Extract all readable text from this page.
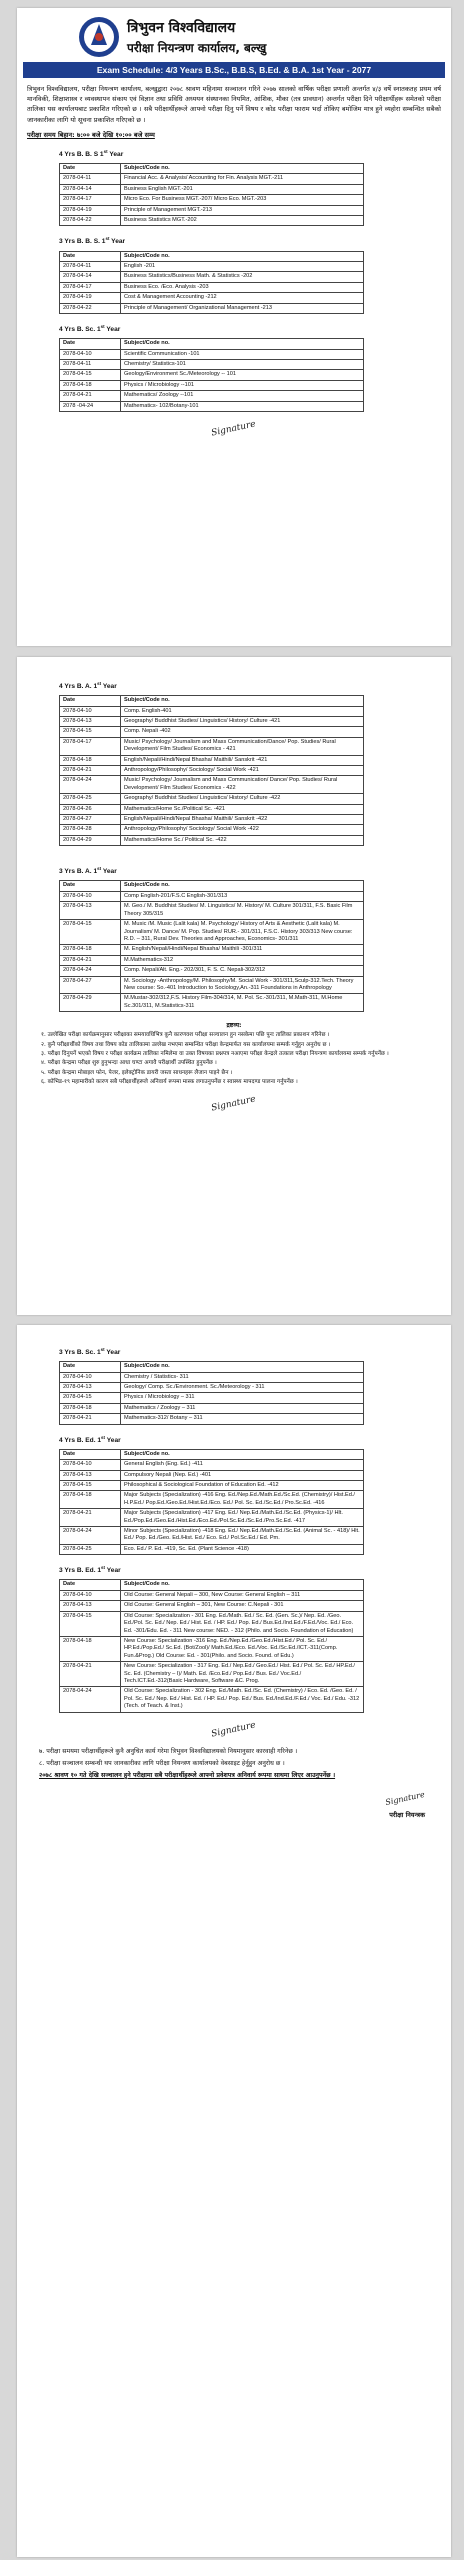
त्रिभुवन विश्वविद्यालय
परीक्षा नियन्त्रण कार्यालय, बल्खु
Exam Schedule: 4/3 Years B.Sc., B.B.S, B.Ed. & B.A. 1st Year - 2077
त्रिभुवन विश्वविद्यालय, परीक्षा नियन्त्रण कार्यालय, बल्खुद्वारा २०७८ श्रावण महिनामा सञ्चालन गरिने २०७७ सालको वार्षिक परीक्षा प्रणाली अन्तर्गत ४/३ वर्षे स्नातकतह प्रथम वर्ष मानविकी, शिक्षाशास्त्र र व्यवस्थापन संकाय एवं विज्ञान तथा प्रविधि अध्ययन संस्थानका नियमित, आंशिक, मौका (तत्र प्रावधान) अन्तर्गत परीक्षा दिने परीक्षार्थीहरू समेतको परीक्षा तालिका यस कार्यालयबाट प्रकाशित गरिएको छ । सबै परीक्षार्थीहरूले आफ्नो परीक्षा दिनु पर्ने विषय र कोड परीक्षा फाराम भर्दा तोकिए बमोजिम मात्र हुने व्यहोरा सम्बन्धित सबैको जानकारीका लागि यो सूचना प्रकाशित गरिएको छ ।
परीक्षा समय बिहान: ७:०० बजे देखि १०:०० बजे सम्म
4 Yrs B. B. S 1st Year
Date	Subject/Code no.
2078-04-11	Financial Acc. & Analysis/ Accounting for Fin. Analysis MGT.-211
2078-04-14	Business English MGT.-201
2078-04-17	Micro Eco. For Business MGT.-207/ Micro Eco. MGT.-203
2078-04-19	Principle of Management MGT.-213
2078-04-22	Business Statistics MGT.-202
3 Yrs B. B. S. 1st Year
Date	Subject/Code no.
2078-04-11	English -201
2078-04-14	Business Statistics/Business Math. & Statistics -202
2078-04-17	Business Eco. /Eco. Analysis -203
2078-04-19	Cost & Management Accounting -212
2078-04-22	Principle of Management/ Organizational Management -213
4 Yrs B. Sc. 1st Year
Date	Subject/Code no.
2078-04-10	Scientific Communication -101
2078-04-11	Chemistry/ Statistics-101
2078-04-15	Geology/Environment Sc./Meteorology -- 101
2078-04-18	Physics / Microbiology --101
2078-04-21	Mathematics/ Zoology --101
2078 -04-24	Mathematics- 102/Botany-101
Signature
4 Yrs B. A. 1st Year
Date	Subject/Code no.
2078-04-10	Comp. English-401
2078-04-13	Geography/ Buddhist Studies/ Linguistics/ History/ Culture -421
2078-04-15	Comp. Nepali -402
2078-04-17	Music/ Psychology/ Journalism and Mass Communication/Dance/ Pop. Studies/ Rural Development/ Film Studies/ Economics - 421
2078-04-18	English/Nepali/Hindi/Nepal Bhasha/ Maithili/ Sanskrit -421
2078-04-21	Anthropology/Philosophy/ Sociology/ Social Work -421
2078-04-24	Music/ Psychology/ Journalism and Mass Communication/ Dance/ Pop. Studies/ Rural Development/ Film Studies/ Economics - 422
2078-04-25	Geography/ Buddhist Studies/ Linguistics/ History/ Culture -422
2078-04-26	Mathematics/Home Sc./Political Sc. -421
2078-04-27	English/Nepali/Hindi/Nepal Bhasha/ Maithili/ Sanskrit -422
2078-04-28	Anthropology/Philosophy/ Sociology/ Social Work -422
2078-04-29	Mathematics/Home Sc./ Political Sc. -422
3 Yrs B. A. 1st Year
Date	Subject/Code no.
2078-04-10	Comp English-201/F.S.C English-301/313
2078-04-13	M. Geo./ M. Buddhist Studies/ M. Linguistics/ M. History/ M. Culture 301/311, F.S. Basic Film Theory 305/315
2078-04-15	M. Music /M. Music (Lalit kala) M. Psychology/ History of Arts & Aesthetic (Lalit kala) M. Journalism/ M. Dance/ M. Pop. Studies/ RUR.- 301/311, F.S.C. History 303/313 New course: R.D. – 311, Rural Dev. Theories and Approaches, Economics- 301/311
2078-04-18	M. English/Nepali/Hindi/Nepal Bhasha/ Maithili -301/311
2078-04-21	M.Mathematics-312
2078-04-24	Comp. Nepali/Alt. Eng.- 202/301, F. S. C. Nepali-302/312
2078-04-27	M. Sociology -Anthropology/M. Philosophy/M. Social Work - 301/311,Sculp-312.Tech. Theory New course: So.-401 Introduction to Sociology,An.-311 Foundations in Anthropology
2078-04-29	M.Mustar-302/312,F.S. History Film-304/314, M. Pol. Sc.-301/311, M.Math-311, M.Home Sc.301/311, M.Statistics-311
द्रष्टव्य:

१. उल्लेखित परीक्षा कार्यक्रमानुसार परीक्षाका समयावधिभित्र कुनै कारणवश परीक्षा सञ्चालन हुन नसकेमा पछि पुनः तालिका प्रकाशन गरिनेछ ।

२. कुनै परीक्षार्थीको विषय तथा विषय कोड तालिकामा उल्लेख नभएमा सम्बन्धित परीक्षा केन्द्रमार्फत यस कार्यालयमा सम्पर्क गर्नुहुन अनुरोध छ ।

३. परीक्षा दिनुपर्ने भएको विषय र परीक्षा कार्यक्रम तालिका नमिलेमा वा उक्त विषयका प्रश्नपत्र नआएमा परीक्षा केन्द्रले तत्काल परीक्षा नियन्त्रण कार्यालयमा सम्पर्क गर्नुपर्नेछ ।

४. परीक्षा केन्द्रमा परीक्षा शुरु हुनुभन्दा आधा घण्टा अगावै परीक्षार्थी उपस्थित हुनुपर्नेछ ।

५. परीक्षा केन्द्रमा मोबाइल फोन, पेजर, इलेक्ट्रोनिक डायरी जस्ता साधनहरू लैजान पाइने छैन ।

६. कोभिड-१९ महामारीको कारण सबै परीक्षार्थीहरूले अनिवार्य रूपमा मास्क लगाउनुपर्नेछ र स्वास्थ्य मापदण्ड पालना गर्नुपर्नेछ ।

Signature
3 Yrs B. Sc. 1st Year
Date	Subject/Code no.
2078-04-10	Chemistry / Statistics- 311
2078-04-13	Geology/ Comp. Sc./Environment. Sc./Meteorology - 311
2078-04-15	Physics / Microbiology – 311
2078-04-18	Mathematics / Zoology – 311
2078-04-21	Mathematics-312/ Botany – 311
4 Yrs B. Ed. 1st Year
Date	Subject/Code no.
2078-04-10	General English (Eng. Ed.) -411
2078-04-13	Compulsory Nepali (Nep. Ed.) -401
2078-04-15	Philosophical & Sociological Foundation of Education Ed. -412
2078-04-18	Major Subjects (Specialization) -416 Eng. Ed./Nep.Ed./Math.Ed./Sc.Ed. (Chemistry)/ Hist.Ed./ H.P.Ed./ Pop.Ed./Geo.Ed./Hist.Ed./Eco. Ed./ Pol. Sc. Ed./Sc.Ed./ Pro.Sc.Ed. -416
2078-04-21	Major Subjects (Specialization) -417 Eng. Ed./ Nep.Ed./Math.Ed./Sc.Ed. (Physics-1)/ Hlt. Ed./Pop.Ed./Geo.Ed./Hist.Ed./Eco.Ed./Pol.Sc.Ed./Sc.Ed./Pro.Sc.Ed. -417
2078-04-24	Minor Subjects (Specialization) -418 Eng. Ed./ Nep.Ed./Math.Ed./Sc.Ed. (Animal Sc. - 418)/ Hlt. Ed./ Pop. Ed./Geo. Ed./Hist. Ed./ Eco. Ed./ Pol.Sc.Ed./ Ed. Pm.
2078-04-25	Eco. Ed./ P. Ed. -419, Sc. Ed. (Plant Science -418)
3 Yrs B. Ed. 1st Year
Date	Subject/Code no.
2078-04-10	Old Course: General Nepali – 300, New Course: General English – 311
2078-04-13	Old Course: General English – 301, New Course: C.Nepali - 301
2078-04-15	Old Course: Specialization - 301 Eng. Ed./Math. Ed./ Sc. Ed. (Gen. Sc.)/ Nep. Ed. /Geo. Ed./Pol. Sc. Ed./ Nep. Ed./ Hist. Ed. / HP. Ed./ Pop. Ed./ Bus.Ed./Ind.Ed./F.Ed./Voc. Ed./ Eco. Ed. -301/Edu. Ed. - 311 New course: NED. - 312 (Philo. and Socio. Foundation of Education)
2078-04-18	New Course: Specialization -316 Eng. Ed./Nep.Ed./Geo.Ed./Hist.Ed./ Pol. Sc. Ed./ HP.Ed./Pop.Ed./ Sc.Ed. (Bot/Zool)/ Math.Ed./Eco. Ed./Voc. Ed./Sc.Ed./ICT.-311(Comp. Fun.&Prog.) Old Course: Ed. - 301(Philo. and Socio. Found. of Edu.)
2078-04-21	New Course: Specialization - 317 Eng. Ed./ Nep.Ed./ Geo.Ed./ Hist. Ed./ Pol. Sc. Ed./ HP.Ed./ Sc. Ed. (Chemistry – I)/ Math. Ed. /Eco.Ed./ Pop.Ed./ Bus. Ed./ Voc.Ed./ Tech.ICT.Ed.-312(Basic Hardware, Software &C. Prog.
2078-04-24	Old Course: Specialization - 302 Eng. Ed./Math. Ed./Sc. Ed. (Chemistry) / Eco. Ed. /Geo. Ed. / Pol. Sc. Ed./ Nep. Ed./ Hist. Ed. / HP. Ed./ Pop. Ed./ Bus. Ed./Ind.Ed./F.Ed./ Voc. Ed./ Edu. -312 (Tech. of Teach. & Inst.)
Signature

७. परीक्षा समयमा परीक्षार्थीहरूले कुनै अनुचित कार्य गरेमा त्रिभुवन विश्वविद्यालयको नियमानुसार कारवाही गरिनेछ ।

८. परीक्षा सञ्चालन सम्बन्धी थप जानकारीका लागि परीक्षा नियन्त्रण कार्यालयको वेबसाइट हेर्नुहुन अनुरोध छ ।

२०७८ श्रावण १० गते देखि सञ्चालन हुने परीक्षामा सबै परीक्षार्थीहरूले आफ्नो प्रवेशपत्र अनिवार्य रूपमा साथमा लिएर आउनुपर्नेछ ।

Signature
परीक्षा नियन्त्रक
